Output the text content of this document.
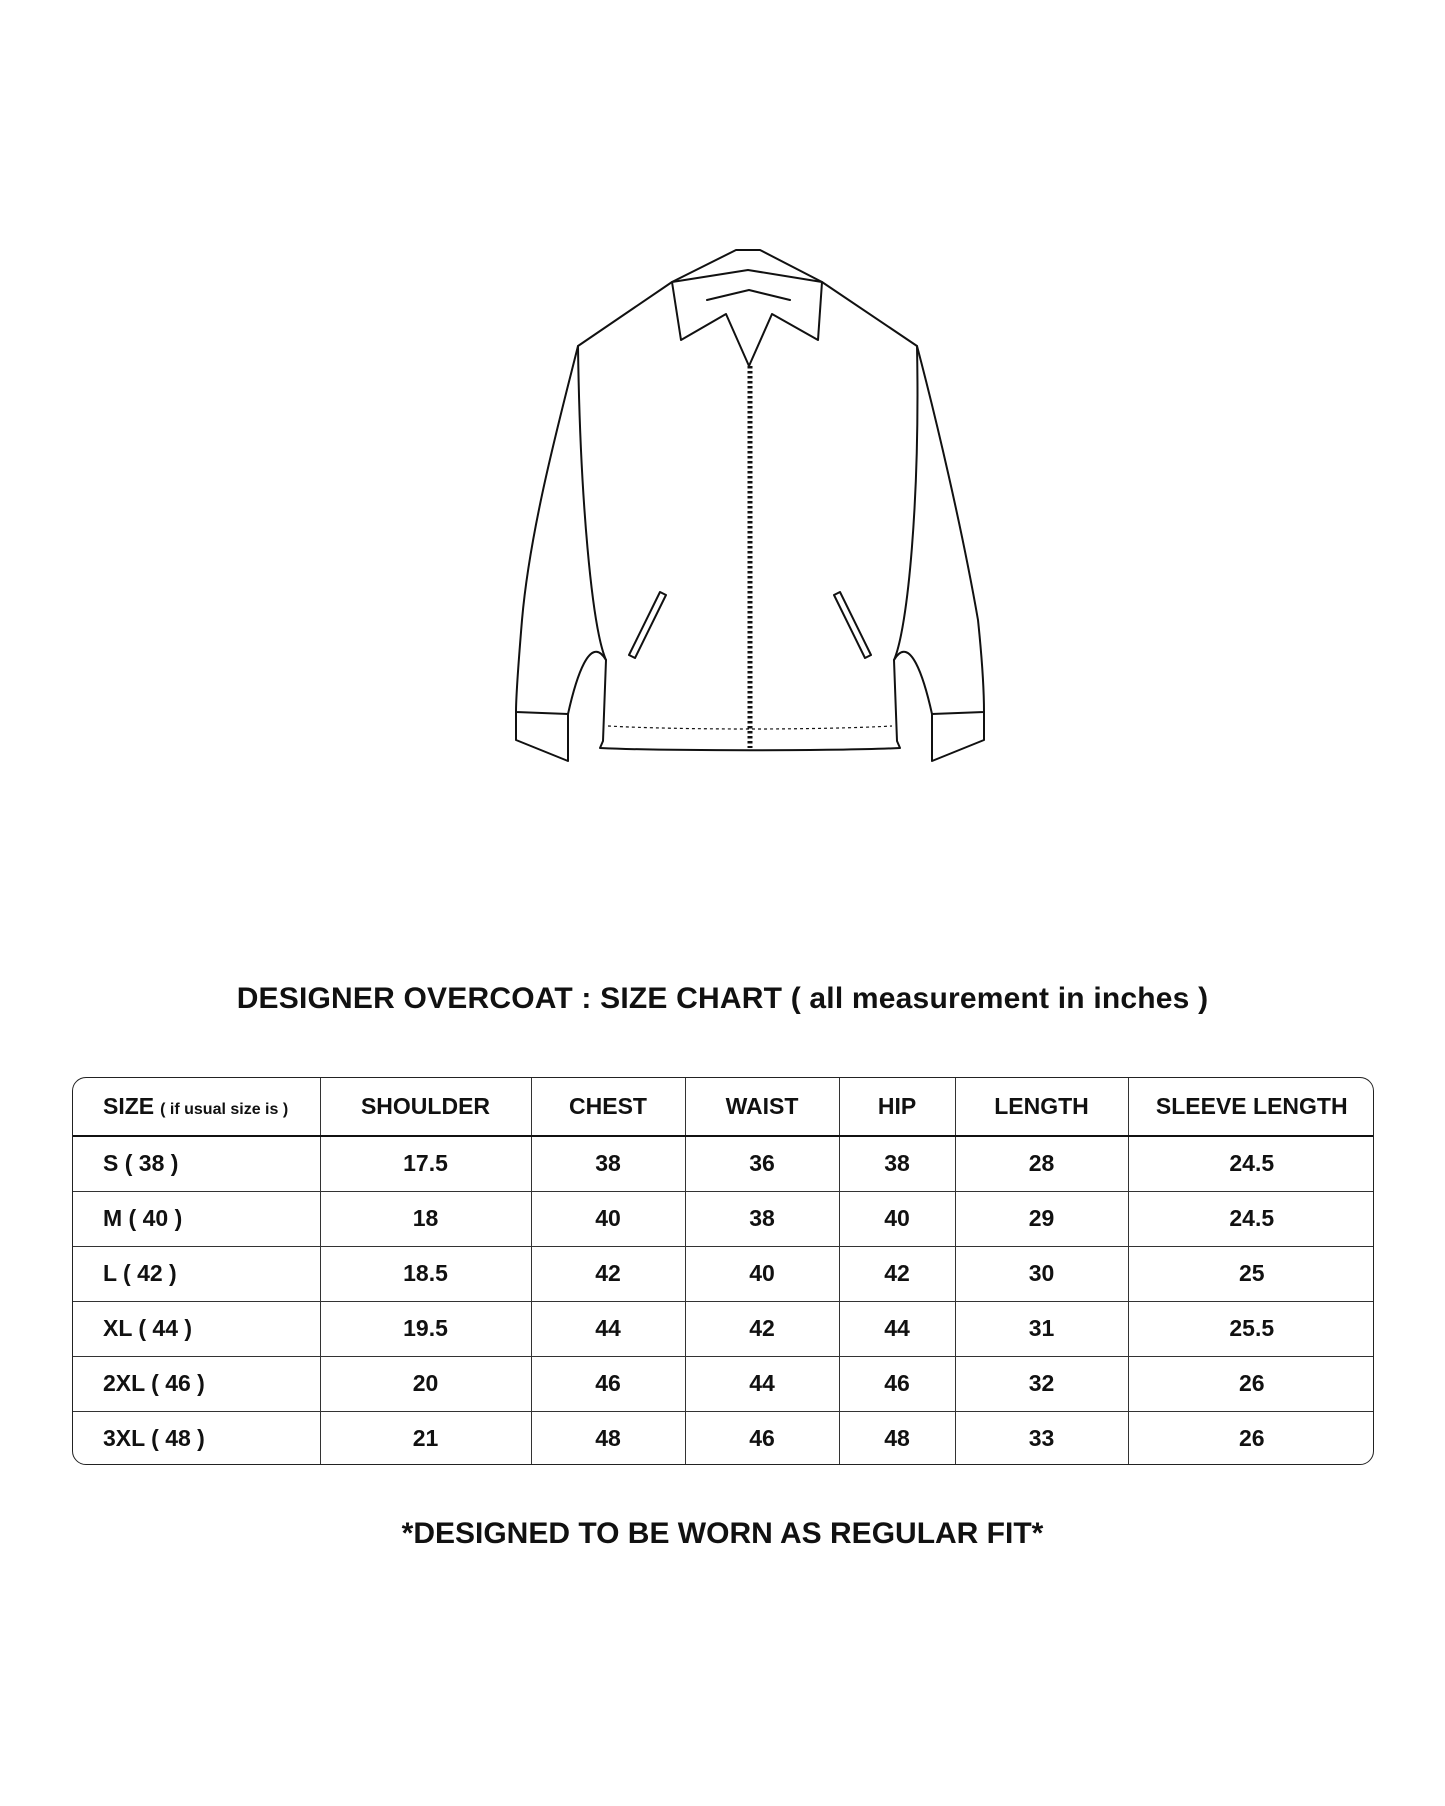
DESIGNER OVERCOAT : SIZE CHART ( all measurement in inches )
SIZE ( if usual size is )	SHOULDER	CHEST	WAIST	HIP	LENGTH	SLEEVE LENGTH
S ( 38 )	17.5	38	36	38	28	24.5
M ( 40 )	18	40	38	40	29	24.5
L ( 42 )	18.5	42	40	42	30	25
XL ( 44 )	19.5	44	42	44	31	25.5
2XL ( 46 )	20	46	44	46	32	26
3XL ( 48 )	21	48	46	48	33	26
*DESIGNED TO BE WORN AS REGULAR FIT*
